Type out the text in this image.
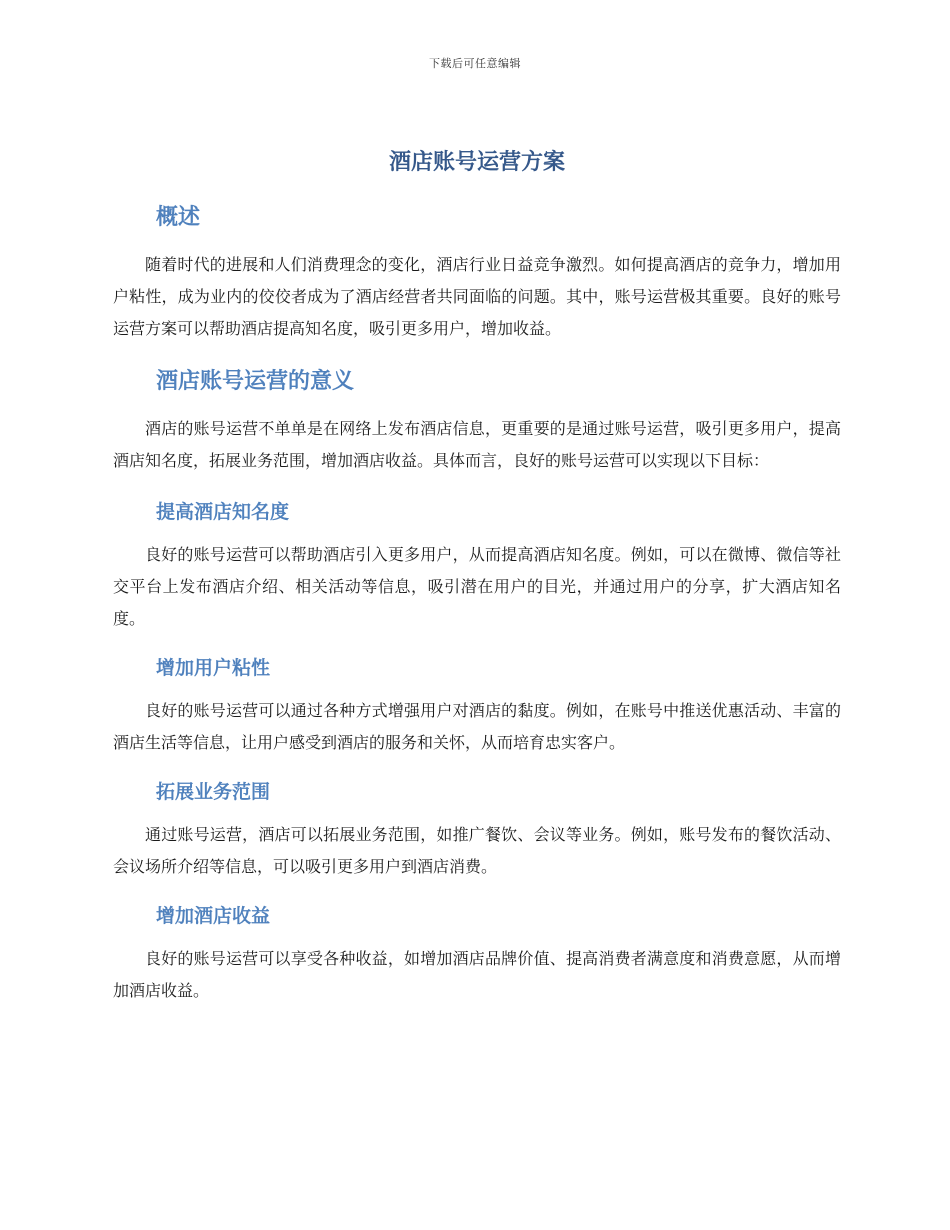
下载后可任意编辑
酒店账号运营方案
概述

随着时代的进展和人们消费理念的变化，酒店行业日益竞争激烈。如何提高酒店的竞争力，增加用户粘性，成为业内的佼佼者成为了酒店经营者共同面临的问题。其中，账号运营极其重要。良好的账号运营方案可以帮助酒店提高知名度，吸引更多用户，增加收益。

酒店账号运营的意义

酒店的账号运营不单单是在网络上发布酒店信息，更重要的是通过账号运营，吸引更多用户，提高酒店知名度，拓展业务范围，增加酒店收益。具体而言，良好的账号运营可以实现以下目标：

提高酒店知名度

良好的账号运营可以帮助酒店引入更多用户，从而提高酒店知名度。例如，可以在微博、微信等社交平台上发布酒店介绍、相关活动等信息，吸引潜在用户的目光，并通过用户的分享，扩大酒店知名度。

增加用户粘性

良好的账号运营可以通过各种方式增强用户对酒店的黏度。例如，在账号中推送优惠活动、丰富的酒店生活等信息，让用户感受到酒店的服务和关怀，从而培育忠实客户。

拓展业务范围

通过账号运营，酒店可以拓展业务范围，如推广餐饮、会议等业务。例如，账号发布的餐饮活动、会议场所介绍等信息，可以吸引更多用户到酒店消费。

增加酒店收益

良好的账号运营可以享受各种收益，如增加酒店品牌价值、提高消费者满意度和消费意愿，从而增加酒店收益。
